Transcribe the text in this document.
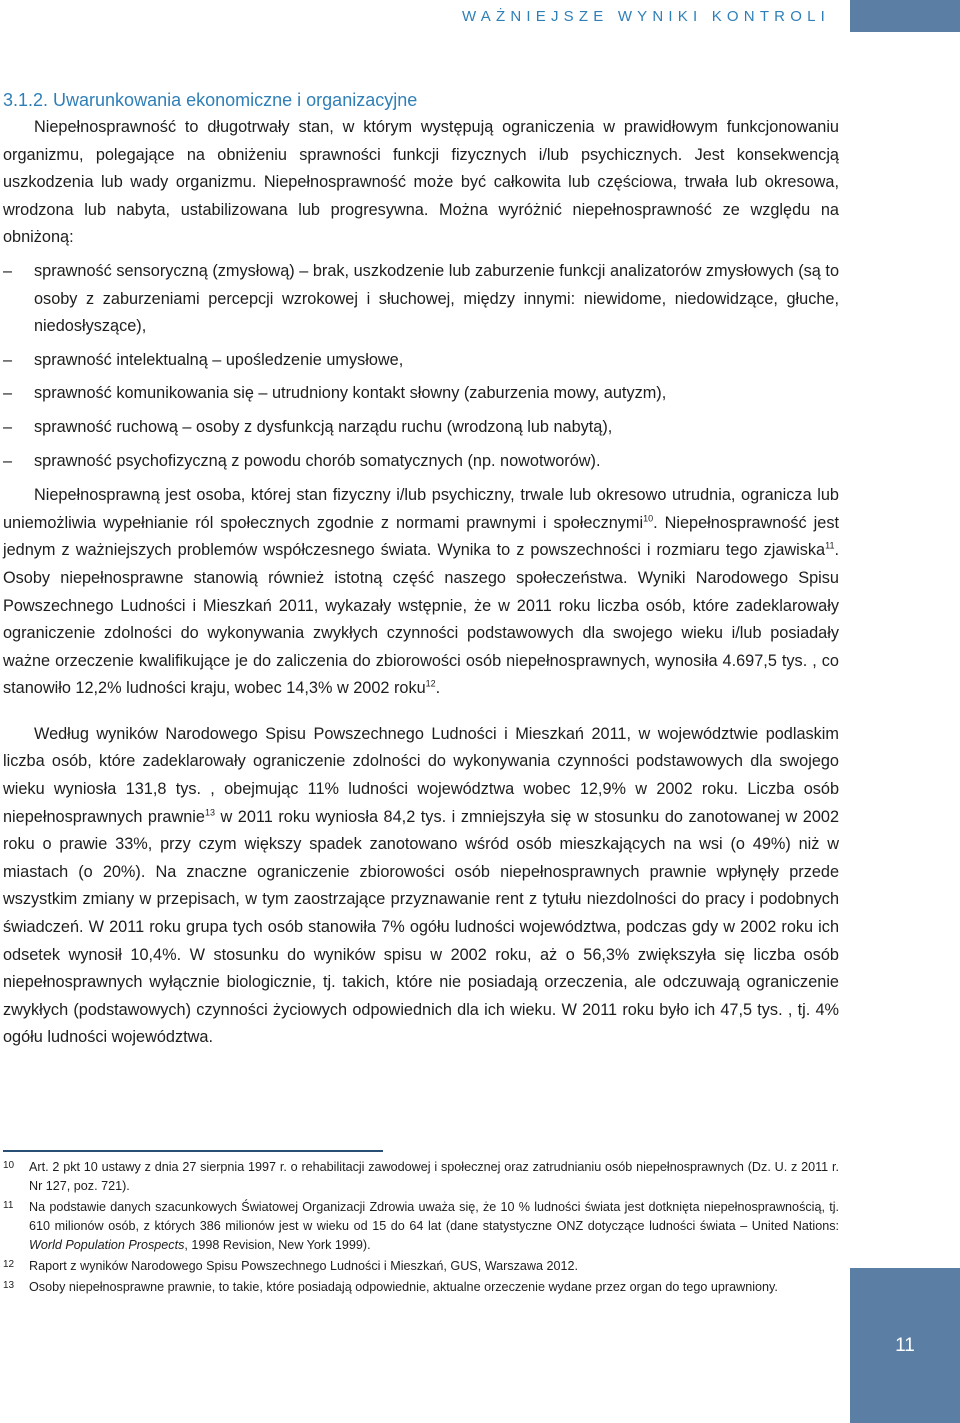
WAŻNIEJSZE WYNIKI KONTROLI
3.1.2. Uwarunkowania ekonomiczne i organizacyjne

Niepełnosprawność to długotrwały stan, w którym występują ograniczenia w prawidłowym funkcjonowaniu organizmu, polegające na obniżeniu sprawności funkcji fizycznych i/lub psychicznych. Jest konsekwencją uszkodzenia lub wady organizmu. Niepełnosprawność może być całkowita lub częściowa, trwała lub okresowa, wrodzona lub nabyta, ustabilizowana lub progresywna. Można wyróżnić niepełnosprawność ze względu na obniżoną:

– sprawność sensoryczną (zmysłową) – brak, uszkodzenie lub zaburzenie funkcji analizatorów zmysłowych (są to osoby z zaburzeniami percepcji wzrokowej i słuchowej, między innymi: niewidome, niedowidzące, głuche, niedosłyszące),
– sprawność intelektualną – upośledzenie umysłowe,
– sprawność komunikowania się – utrudniony kontakt słowny (zaburzenia mowy, autyzm),
– sprawność ruchową – osoby z dysfunkcją narządu ruchu (wrodzoną lub nabytą),
– sprawność psychofizyczną z powodu chorób somatycznych (np. nowotworów).

Niepełnosprawną jest osoba, której stan fizyczny i/lub psychiczny, trwale lub okresowo utrudnia, ogranicza lub uniemożliwia wypełnianie ról społecznych zgodnie z normami prawnymi i społecznymi$^{10}$. Niepełnosprawność jest jednym z ważniejszych problemów współczesnego świata. Wynika to z powszechności i rozmiaru tego zjawiska$^{11}$. Osoby niepełnosprawne stanowią również istotną część naszego społeczeństwa. Wyniki Narodowego Spisu Powszechnego Ludności i Mieszkań 2011, wykazały wstępnie, że w 2011 roku liczba osób, które zadeklarowały ograniczenie zdolności do wykonywania zwykłych czynności podstawowych dla swojego wieku i/lub posiadały ważne orzeczenie kwalifikujące je do zaliczenia do zbiorowości osób niepełnosprawnych, wynosiła 4.697,5 tys. , co stanowiło 12,2% ludności kraju, wobec 14,3% w 2002 roku$^{12}$.

Według wyników Narodowego Spisu Powszechnego Ludności i Mieszkań 2011, w województwie podlaskim liczba osób, które zadeklarowały ograniczenie zdolności do wykonywania czynności podstawowych dla swojego wieku wyniosła 131,8 tys. , obejmując 11% ludności województwa wobec 12,9% w 2002 roku. Liczba osób niepełnosprawnych prawnie$^{13}$ w 2011 roku wyniosła 84,2 tys. i zmniejszyła się w stosunku do zanotowanej w 2002 roku o prawie 33%, przy czym większy spadek zanotowano wśród osób mieszkających na wsi (o 49%) niż w miastach (o 20%). Na znaczne ograniczenie zbiorowości osób niepełnosprawnych prawnie wpłynęły przede wszystkim zmiany w przepisach, w tym zaostrzające przyznawanie rent z tytułu niezdolności do pracy i podobnych świadczeń. W 2011 roku grupa tych osób stanowiła 7% ogółu ludności województwa, podczas gdy w 2002 roku ich odsetek wynosił 10,4%. W stosunku do wyników spisu w 2002 roku, aż o 56,3% zwiększyła się liczba osób niepełnosprawnych wyłącznie biologicznie, tj. takich, które nie posiadają orzeczenia, ale odczuwają ograniczenie zwykłych (podstawowych) czynności życiowych odpowiednich dla ich wieku. W 2011 roku było ich 47,5 tys. , tj. 4% ogółu ludności województwa.

10 Art. 2 pkt 10 ustawy z dnia 27 sierpnia 1997 r. o rehabilitacji zawodowej i społecznej oraz zatrudnianiu osób niepełnosprawnych (Dz. U. z 2011 r. Nr 127, poz. 721).
11 Na podstawie danych szacunkowych Światowej Organizacji Zdrowia uważa się, że 10 % ludności świata jest dotknięta niepełnosprawnością, tj. 610 milionów osób, z których 386 milionów jest w wieku od 15 do 64 lat (dane statystyczne ONZ dotyczące ludności świata – United Nations: World Population Prospects, 1998 Revision, New York 1999).
12 Raport z wyników Narodowego Spisu Powszechnego Ludności i Mieszkań, GUS, Warszawa 2012.
13 Osoby niepełnosprawne prawnie, to takie, które posiadają odpowiednie, aktualne orzeczenie wydane przez organ do tego uprawniony.
11
